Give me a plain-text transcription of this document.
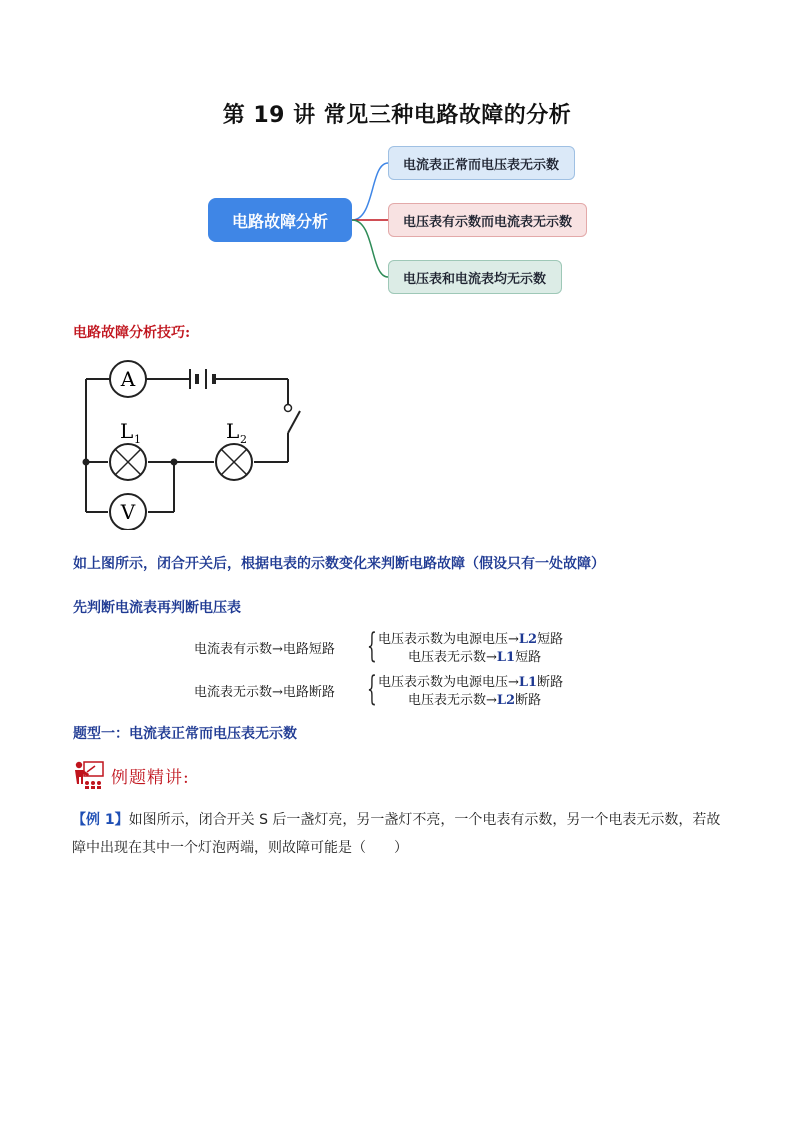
第 19 讲 常见三种电路故障的分析
电路故障分析
电流表正常而电压表无示数
电压表有示数而电流表无示数
电压表和电流表均无示数
电路故障分析技巧:
A
L 1	L 2
V
如上图所示，闭合开关后，根据电表的示数变化来判断电路故障（假设只有一处故障）
先判断电流表再判断电压表
电流表有示数→电路短路 { 电压表示数为电源电压→L2短路
电压表无示数→L1短路
电流表无示数→电路断路 { 电压表示数为电源电压→L1断路
电压表无示数→L2断路
题型一：电流表正常而电压表无示数
例题精讲:
【例 1】如图所示，闭合开关 S 后一盏灯亮，另一盏灯不亮，一个电表有示数，另一个电表无示数，若故障中出现在其中一个灯泡两端，则故障可能是（　　）
